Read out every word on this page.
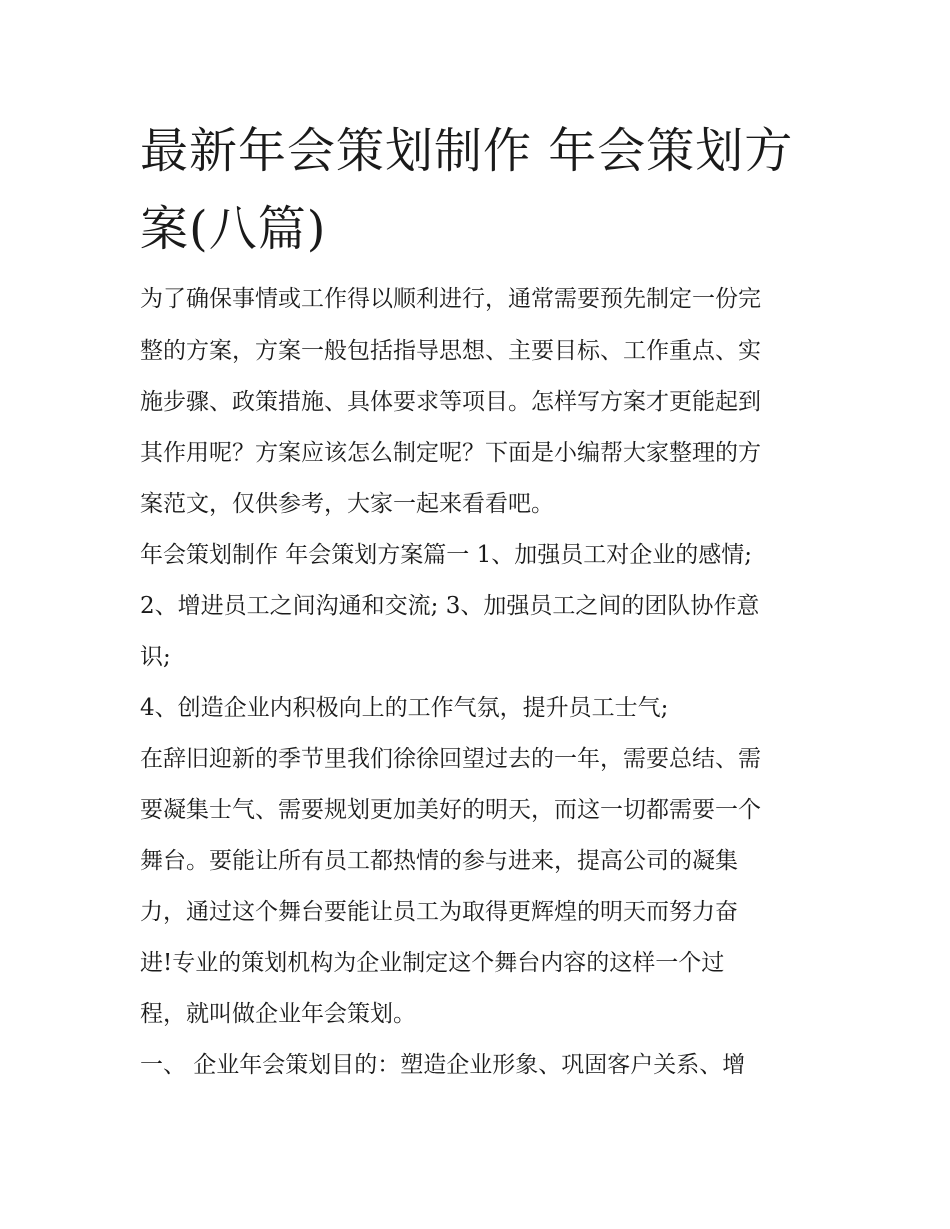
最新年会策划制作 年会策划方
案(八篇)

为了确保事情或工作得以顺利进行，通常需要预先制定一份完

整的方案，方案一般包括指导思想、主要目标、工作重点、实

施步骤、政策措施、具体要求等项目。怎样写方案才更能起到

其作用呢？方案应该怎么制定呢？下面是小编帮大家整理的方

案范文，仅供参考，大家一起来看看吧。

年会策划制作 年会策划方案篇一 1、加强员工对企业的感情;

2、增进员工之间沟通和交流; 3、加强员工之间的团队协作意

识;

4、创造企业内积极向上的工作气氛，提升员工士气;

在辞旧迎新的季节里我们徐徐回望过去的一年，需要总结、需

要凝集士气、需要规划更加美好的明天，而这一切都需要一个

舞台。要能让所有员工都热情的参与进来，提高公司的凝集

力，通过这个舞台要能让员工为取得更辉煌的明天而努力奋

进!专业的策划机构为企业制定这个舞台内容的这样一个过

程，就叫做企业年会策划。

一、 企业年会策划目的：塑造企业形象、巩固客户关系、增
